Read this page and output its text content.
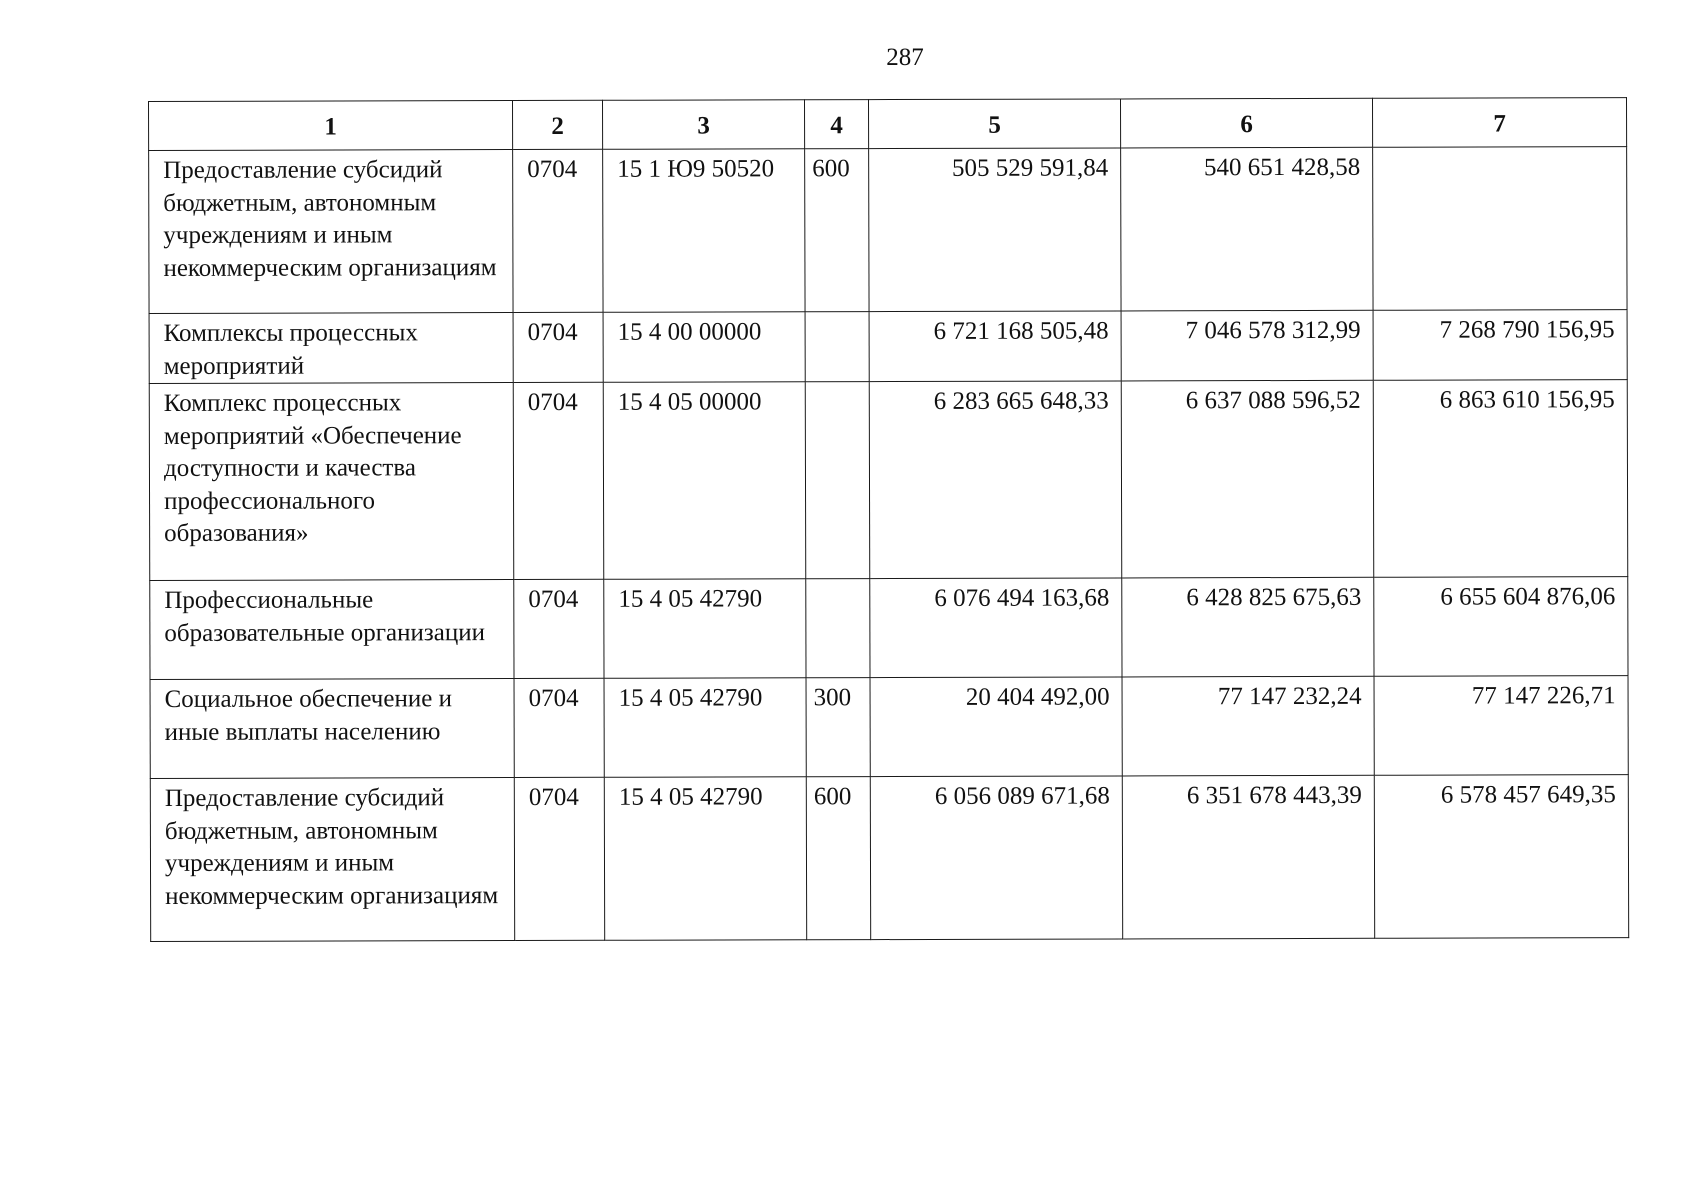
287
1	2	3	4	5	6	7
Предоставление субсидий бюджетным, автономным учреждениям и иным некоммерческим организациям	0704	15 1 Ю9 50520	600	505 529 591,84	540 651 428,58	
Комплексы процессных мероприятий	0704	15 4 00 00000		6 721 168 505,48	7 046 578 312,99	7 268 790 156,95
Комплекс процессных мероприятий «Обеспечение доступности и качества профессионального образования»	0704	15 4 05 00000		6 283 665 648,33	6 637 088 596,52	6 863 610 156,95
Профессиональные образовательные организации	0704	15 4 05 42790		6 076 494 163,68	6 428 825 675,63	6 655 604 876,06
Социальное обеспечение и иные выплаты населению	0704	15 4 05 42790	300	20 404 492,00	77 147 232,24	77 147 226,71
Предоставление субсидий бюджетным, автономным учреждениям и иным некоммерческим организациям	0704	15 4 05 42790	600	6 056 089 671,68	6 351 678 443,39	6 578 457 649,35
